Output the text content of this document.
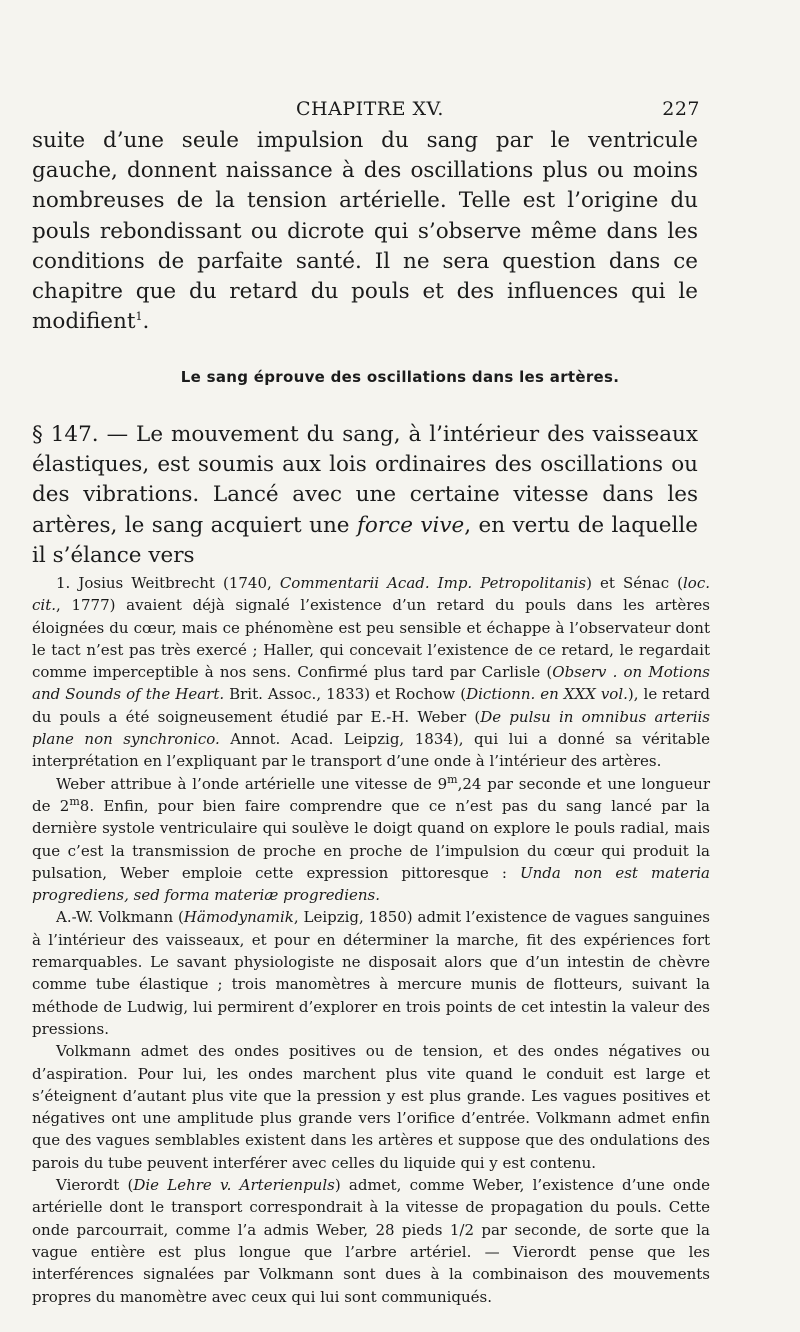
CHAPITRE XV.	227

suite d’une seule impulsion du sang par le ventricule gauche, donnent naissance à des oscillations plus ou moins nombreuses de la tension artérielle. Telle est l’origine du pouls rebondissant ou dicrote qui s’observe même dans les conditions de parfaite santé. Il ne sera question dans ce chapitre que du retard du pouls et des influences qui le modifient$^1$.

Le sang éprouve des oscillations dans les artères.

§ 147. — Le mouvement du sang, à l’intérieur des vaisseaux élastiques, est soumis aux lois ordinaires des oscillations ou des vibrations. Lancé avec une certaine vitesse dans les artères, le sang acquiert une force vive, en vertu de laquelle il s’élance vers

1. Josius Weitbrecht (1740, Commentarii Acad. Imp. Petropolitanis) et Sénac (loc. cit., 1777) avaient déjà signalé l’existence d’un retard du pouls dans les artères éloignées du cœur, mais ce phénomène est peu sensible et échappe à l’observateur dont le tact n’est pas très exercé ; Haller, qui concevait l’existence de ce retard, le regardait comme imperceptible à nos sens. Confirmé plus tard par Carlisle (Observ . on Motions and Sounds of the Heart. Brit. Assoc., 1833) et Rochow (Dictionn. en XXX vol.), le retard du pouls a été soigneusement étudié par E.-H. Weber (De pulsu in omnibus arteriis plane non synchronico. Annot. Acad. Leipzig, 1834), qui lui a donné sa véritable interprétation en l’expliquant par le transport d’une onde à l’intérieur des artères.

Weber attribue à l’onde artérielle une vitesse de 9$^m$,24 par seconde et une longueur de 2$^m$8. Enfin, pour bien faire comprendre que ce n’est pas du sang lancé par la dernière systole ventriculaire qui soulève le doigt quand on explore le pouls radial, mais que c’est la transmission de proche en proche de l’impulsion du cœur qui produit la pulsation, Weber emploie cette expression pittoresque : Unda non est materia progrediens, sed forma materiæ progrediens.

A.-W. Volkmann (Hämodynamik, Leipzig, 1850) admit l’existence de vagues sanguines à l’intérieur des vaisseaux, et pour en déterminer la marche, fit des expériences fort remarquables. Le savant physiologiste ne disposait alors que d’un intestin de chèvre comme tube élastique ; trois manomètres à mercure munis de flotteurs, suivant la méthode de Ludwig, lui permirent d’explorer en trois points de cet intestin la valeur des pressions.

Volkmann admet des ondes positives ou de tension, et des ondes négatives ou d’aspiration. Pour lui, les ondes marchent plus vite quand le conduit est large et s’éteignent d’autant plus vite que la pression y est plus grande. Les vagues positives et négatives ont une amplitude plus grande vers l’orifice d’entrée. Volkmann admet enfin que des vagues semblables existent dans les artères et suppose que des ondulations des parois du tube peuvent interférer avec celles du liquide qui y est contenu.

Vierordt (Die Lehre v. Arterienpuls) admet, comme Weber, l’existence d’une onde artérielle dont le transport correspondrait à la vitesse de propagation du pouls. Cette onde parcourrait, comme l’a admis Weber, 28 pieds 1/2 par seconde, de sorte que la vague entière est plus longue que l’arbre artériel. — Vierordt pense que les interférences signalées par Volkmann sont dues à la combinaison des mouvements propres du manomètre avec ceux qui lui sont communiqués.
